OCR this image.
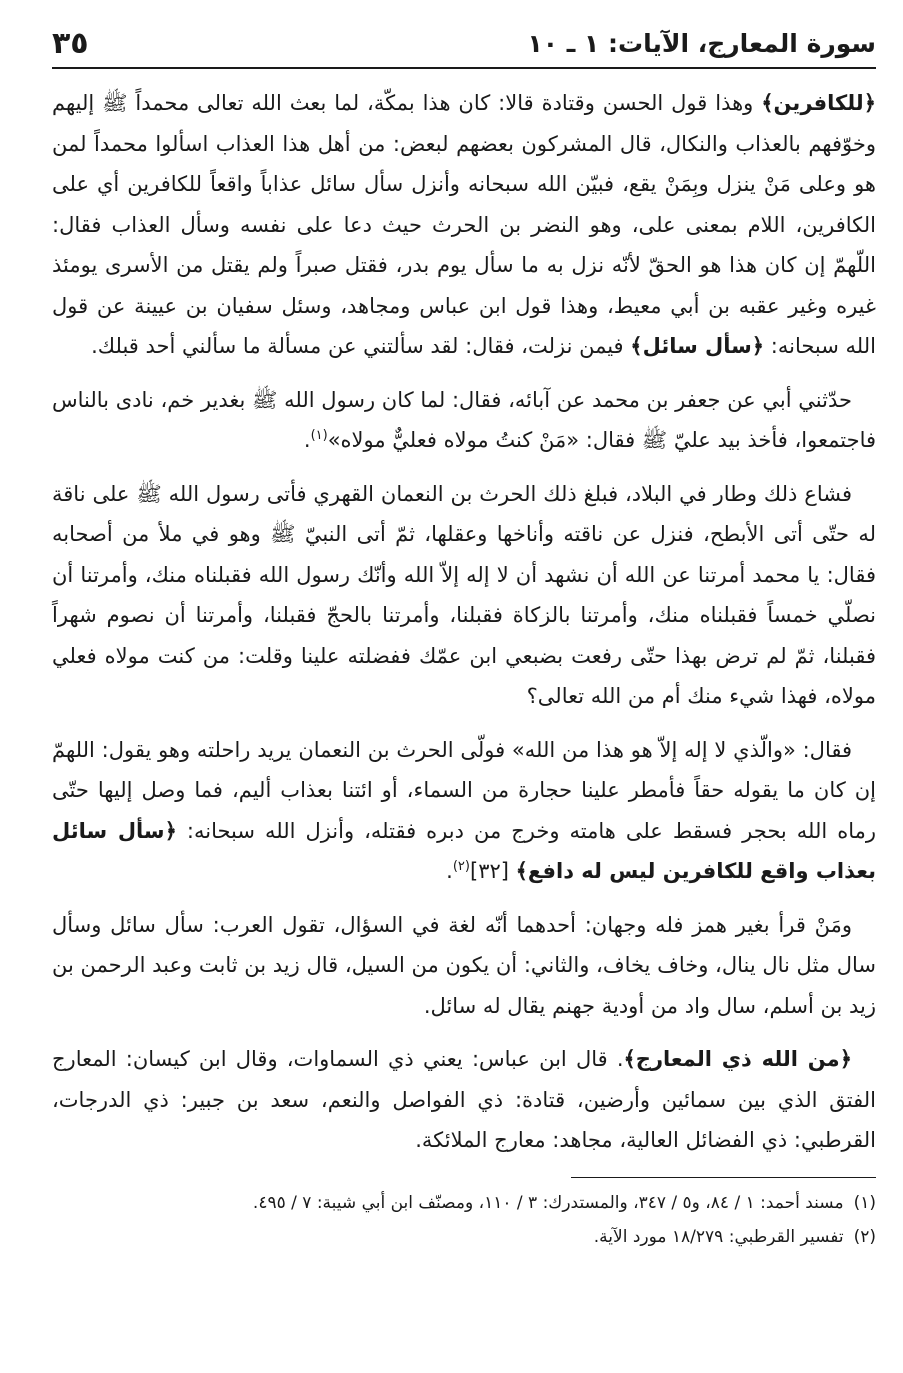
سورة المعارج، الآيات: ١ ـ ١٠
٣٥

﴿للكافرين﴾ وهذا قول الحسن وقتادة قالا: كان هذا بمكّة، لما بعث الله تعالى محمداً ﷺ إليهم وخوّفهم بالعذاب والنكال، قال المشركون بعضهم لبعض: من أهل هذا العذاب اسألوا محمداً لمن هو وعلى مَنْ ينزل وبِمَنْ يقع، فبيّن الله سبحانه وأنزل سأل سائل عذاباً واقعاً للكافرين أي على الكافرين، اللام بمعنى على، وهو النضر بن الحرث حيث دعا على نفسه وسأل العذاب فقال: اللّهمّ إن كان هذا هو الحقّ لأنّه نزل به ما سأل يوم بدر، فقتل صبراً ولم يقتل من الأسرى يومئذ غيره وغير عقبه بن أبي معيط، وهذا قول ابن عباس ومجاهد، وسئل سفيان بن عيينة عن قول الله سبحانه: ﴿سأل سائل﴾ فيمن نزلت، فقال: لقد سألتني عن مسألة ما سألني أحد قبلك.

حدّثني أبي عن جعفر بن محمد عن آبائه، فقال: لما كان رسول الله ﷺ بغدير خم، نادى بالناس فاجتمعوا، فأخذ بيد عليّ ﷺ فقال: «مَنْ كنتُ مولاه فعليٌّ مولاه»$^{(١)}$.

فشاع ذلك وطار في البلاد، فبلغ ذلك الحرث بن النعمان القهري فأتى رسول الله ﷺ على ناقة له حتّى أتى الأبطح، فنزل عن ناقته وأناخها وعقلها، ثمّ أتى النبيّ ﷺ وهو في ملأ من أصحابه فقال: يا محمد أمرتنا عن الله أن نشهد أن لا إله إلاّ الله وأنّك رسول الله فقبلناه منك، وأمرتنا أن نصلّي خمساً فقبلناه منك، وأمرتنا بالزكاة فقبلنا، وأمرتنا بالحجّ فقبلنا، وأمرتنا أن نصوم شهراً فقبلنا، ثمّ لم ترض بهذا حتّى رفعت بضبعي ابن عمّك ففضلته علينا وقلت: من كنت مولاه فعلي مولاه، فهذا شيء منك أم من الله تعالى؟

فقال: «والّذي لا إله إلاّ هو هذا من الله» فولّى الحرث بن النعمان يريد راحلته وهو يقول: اللهمّ إن كان ما يقوله حقاً فأمطر علينا حجارة من السماء، أو ائتنا بعذاب أليم، فما وصل إليها حتّى رماه الله بحجر فسقط على هامته وخرج من دبره فقتله، وأنزل الله سبحانه: ﴿سأل سائل بعذاب واقع للكافرين ليس له دافع﴾ [٣٢]$^{(٢)}$.

ومَنْ قرأ بغير همز فله وجهان: أحدهما أنّه لغة في السؤال، تقول العرب: سأل سائل وسأل سال مثل نال ينال، وخاف يخاف، والثاني: أن يكون من السيل، قال زيد بن ثابت وعبد الرحمن بن زيد بن أسلم، سال واد من أودية جهنم يقال له سائل.

﴿من الله ذي المعارج﴾. قال ابن عباس: يعني ذي السماوات، وقال ابن كيسان: المعارج الفتق الذي بين سمائين وأرضين، قتادة: ذي الفواصل والنعم، سعد بن جبير: ذي الدرجات، القرطبي: ذي الفضائل العالية، مجاهد: معارج الملائكة.

(١)
مسند أحمد: ١ / ٨٤، و٥ / ٣٤٧، والمستدرك: ٣ / ١١٠، ومصنّف ابن أبي شيبة: ٧ / ٤٩٥.
(٢)
تفسير القرطبي: ١٨/٢٧٩ مورد الآية.
